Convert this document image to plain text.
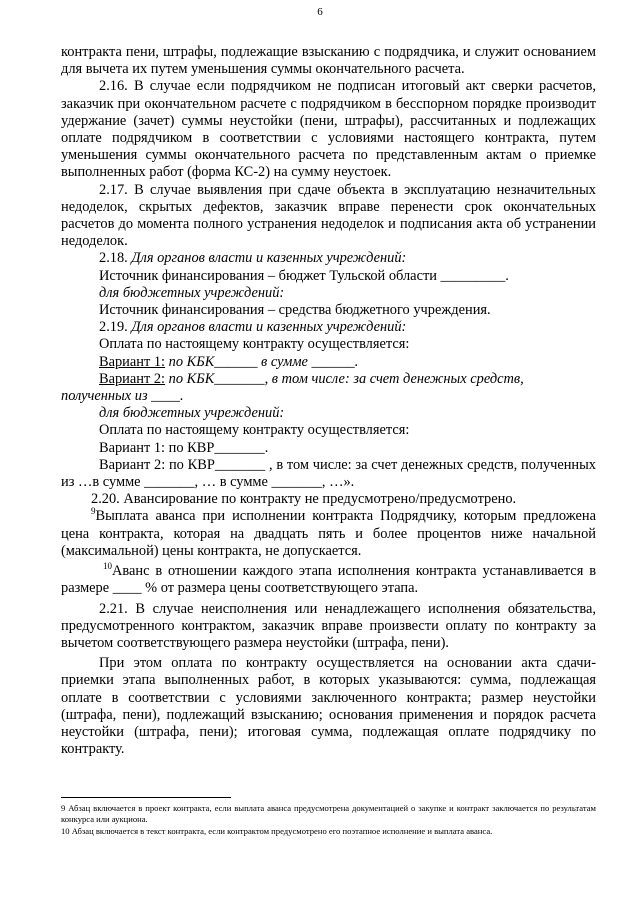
6

контракта пени, штрафы, подлежащие взысканию с подрядчика, и служит основанием для вычета их путем уменьшения суммы окончательного расчета.

2.16. В случае если подрядчиком не подписан итоговый акт сверки расчетов, заказчик при окончательном расчете с подрядчиком в бесспорном порядке производит удержание (зачет) суммы неустойки (пени, штрафы), рассчитанных и подлежащих оплате подрядчиком в соответствии с условиями настоящего контракта, путем уменьшения суммы окончательного расчета по представленным актам о приемке выполненных работ (форма КС-2) на сумму неустоек.

2.17. В случае выявления при сдаче объекта в эксплуатацию незначительных недоделок, скрытых дефектов, заказчик вправе перенести срок окончательных расчетов до момента полного устранения недоделок и подписания акта об устранении недоделок.

2.18. Для органов власти и казенных учреждений:

Источник финансирования – бюджет Тульской области _________.

для бюджетных учреждений:

Источник финансирования – средства бюджетного учреждения.

2.19. Для органов власти и казенных учреждений:

Оплата по настоящему контракту осуществляется:

Вариант 1: по КБК______ в сумме ______.

Вариант 2: по КБК_______, в том числе: за счет денежных средств,

полученных из ____.

для бюджетных учреждений:

Оплата по настоящему контракту осуществляется:

Вариант 1: по КВР_______.

Вариант 2: по КВР_______ , в том числе: за счет денежных средств, полученных из …в сумме _______, … в сумме _______, …».

2.20. Авансирование по контракту не предусмотрено/предусмотрено.

$^9$Выплата аванса при исполнении контракта Подрядчику, которым предложена цена контракта, которая на двадцать пять и более процентов ниже начальной (максимальной) цены контракта, не допускается.

$^{10}$Аванс в отношении каждого этапа исполнения контракта устанавливается в размере ____ % от размера цены соответствующего этапа.

2.21. В случае неисполнения или ненадлежащего исполнения обязательства, предусмотренного контрактом, заказчик вправе произвести оплату по контракту за вычетом соответствующего размера неустойки (штрафа, пени).

При этом оплата по контракту осуществляется на основании акта сдачи-приемки этапа выполненных работ, в которых указываются: сумма, подлежащая оплате в соответствии с условиями заключенного контракта; размер неустойки (штрафа, пени), подлежащий взысканию; основания применения и порядок расчета неустойки (штрафа, пени); итоговая сумма, подлежащая оплате подрядчику по контракту.

9 Абзац включается в проект контракта, если выплата аванса предусмотрена документацией о закупке и контракт заключается по результатам конкурса или аукциона.

10 Абзац включается в текст контракта, если контрактом предусмотрено его поэтапное исполнение и выплата аванса.
